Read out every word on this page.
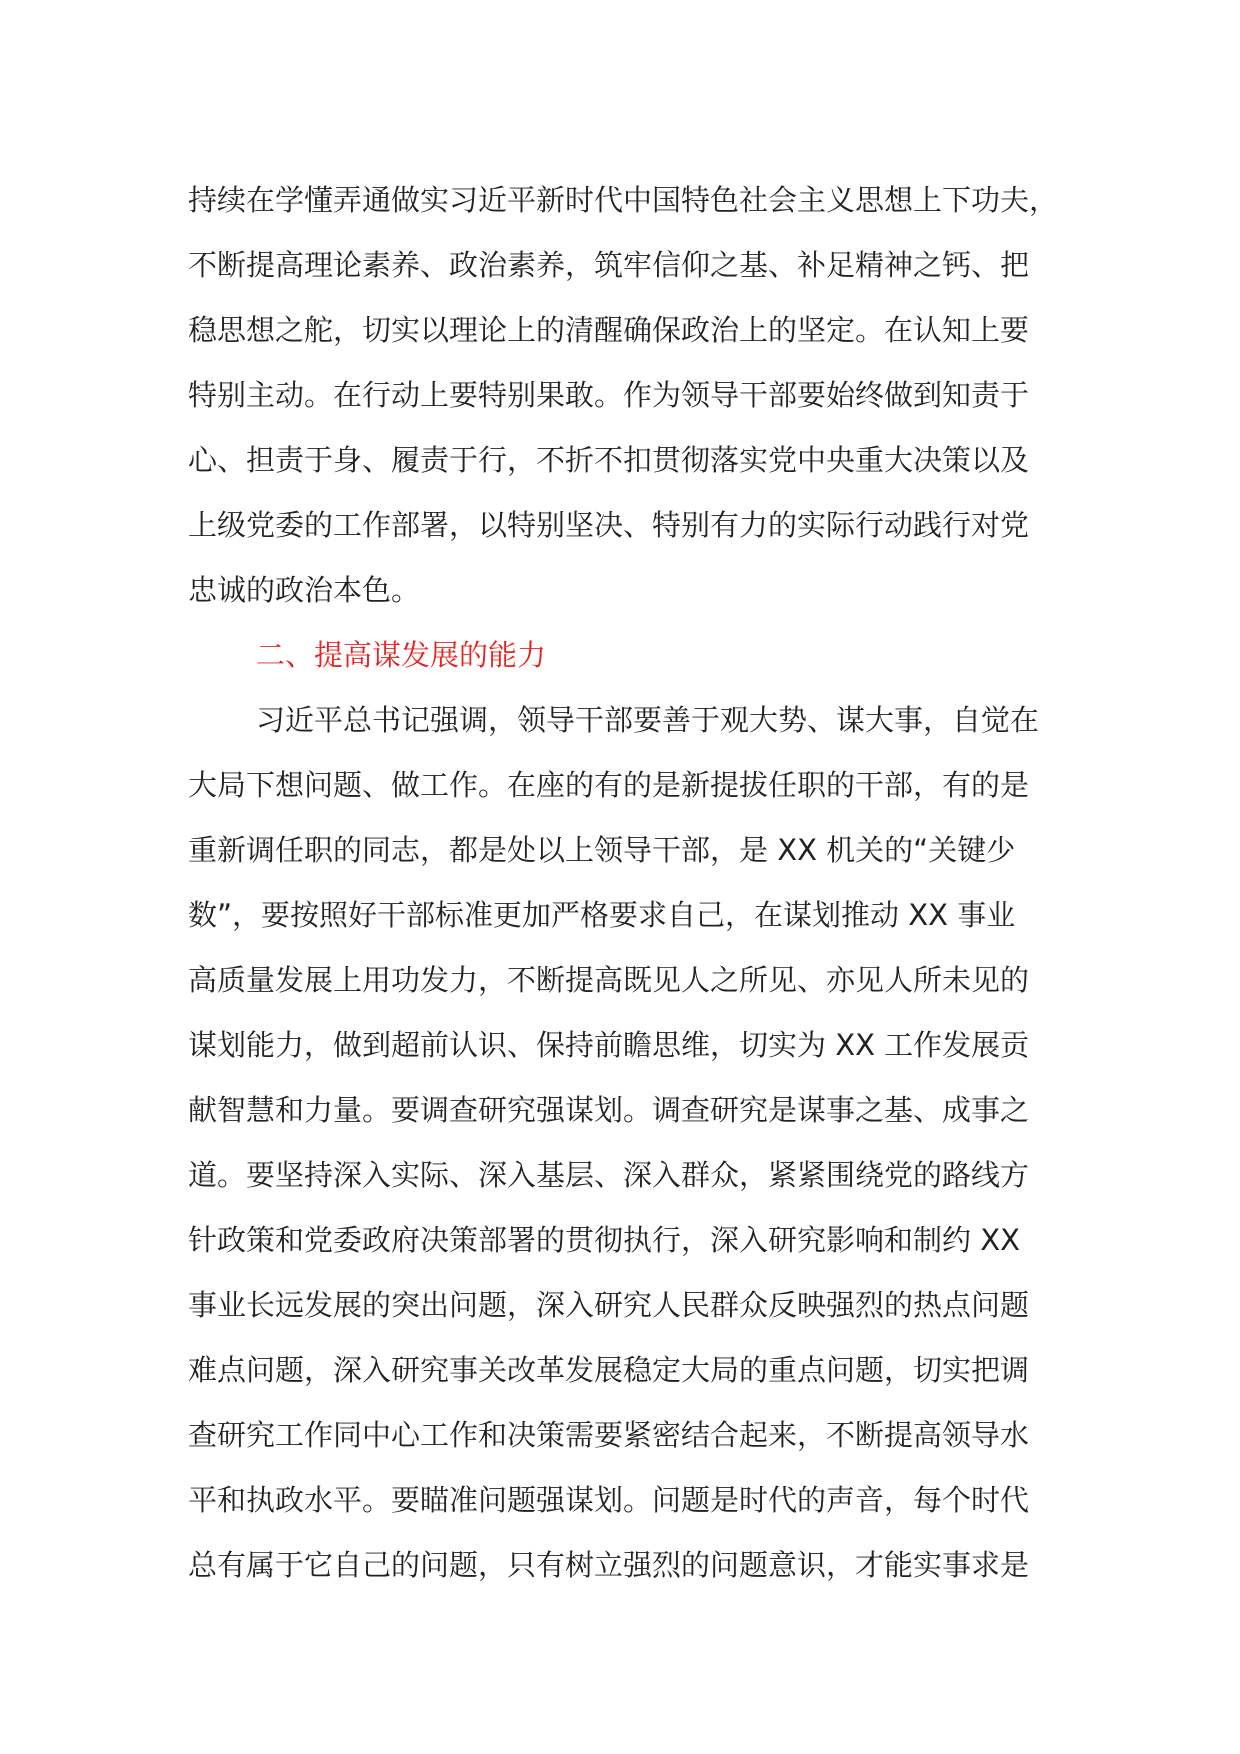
持续在学懂弄通做实习近平新时代中国特色社会主义思想上下功夫，
不断提高理论素养、政治素养，筑牢信仰之基、补足精神之钙、把
稳思想之舵，切实以理论上的清醒确保政治上的坚定。在认知上要
特别主动。在行动上要特别果敢。作为领导干部要始终做到知责于
心、担责于身、履责于行，不折不扣贯彻落实党中央重大决策以及
上级党委的工作部署，以特别坚决、特别有力的实际行动践行对党
忠诚的政治本色。
二、提高谋发展的能力
习近平总书记强调，领导干部要善于观大势、谋大事，自觉在
大局下想问题、做工作。在座的有的是新提拔任职的干部，有的是
重新调任职的同志，都是处以上领导干部，是 XX 机关的“关键少
数”，要按照好干部标准更加严格要求自己，在谋划推动 XX 事业
高质量发展上用功发力，不断提高既见人之所见、亦见人所未见的
谋划能力，做到超前认识、保持前瞻思维，切实为 XX 工作发展贡
献智慧和力量。要调查研究强谋划。调查研究是谋事之基、成事之
道。要坚持深入实际、深入基层、深入群众，紧紧围绕党的路线方
针政策和党委政府决策部署的贯彻执行，深入研究影响和制约 XX
事业长远发展的突出问题，深入研究人民群众反映强烈的热点问题
难点问题，深入研究事关改革发展稳定大局的重点问题，切实把调
查研究工作同中心工作和决策需要紧密结合起来，不断提高领导水
平和执政水平。要瞄准问题强谋划。问题是时代的声音，每个时代
总有属于它自己的问题，只有树立强烈的问题意识，才能实事求是
